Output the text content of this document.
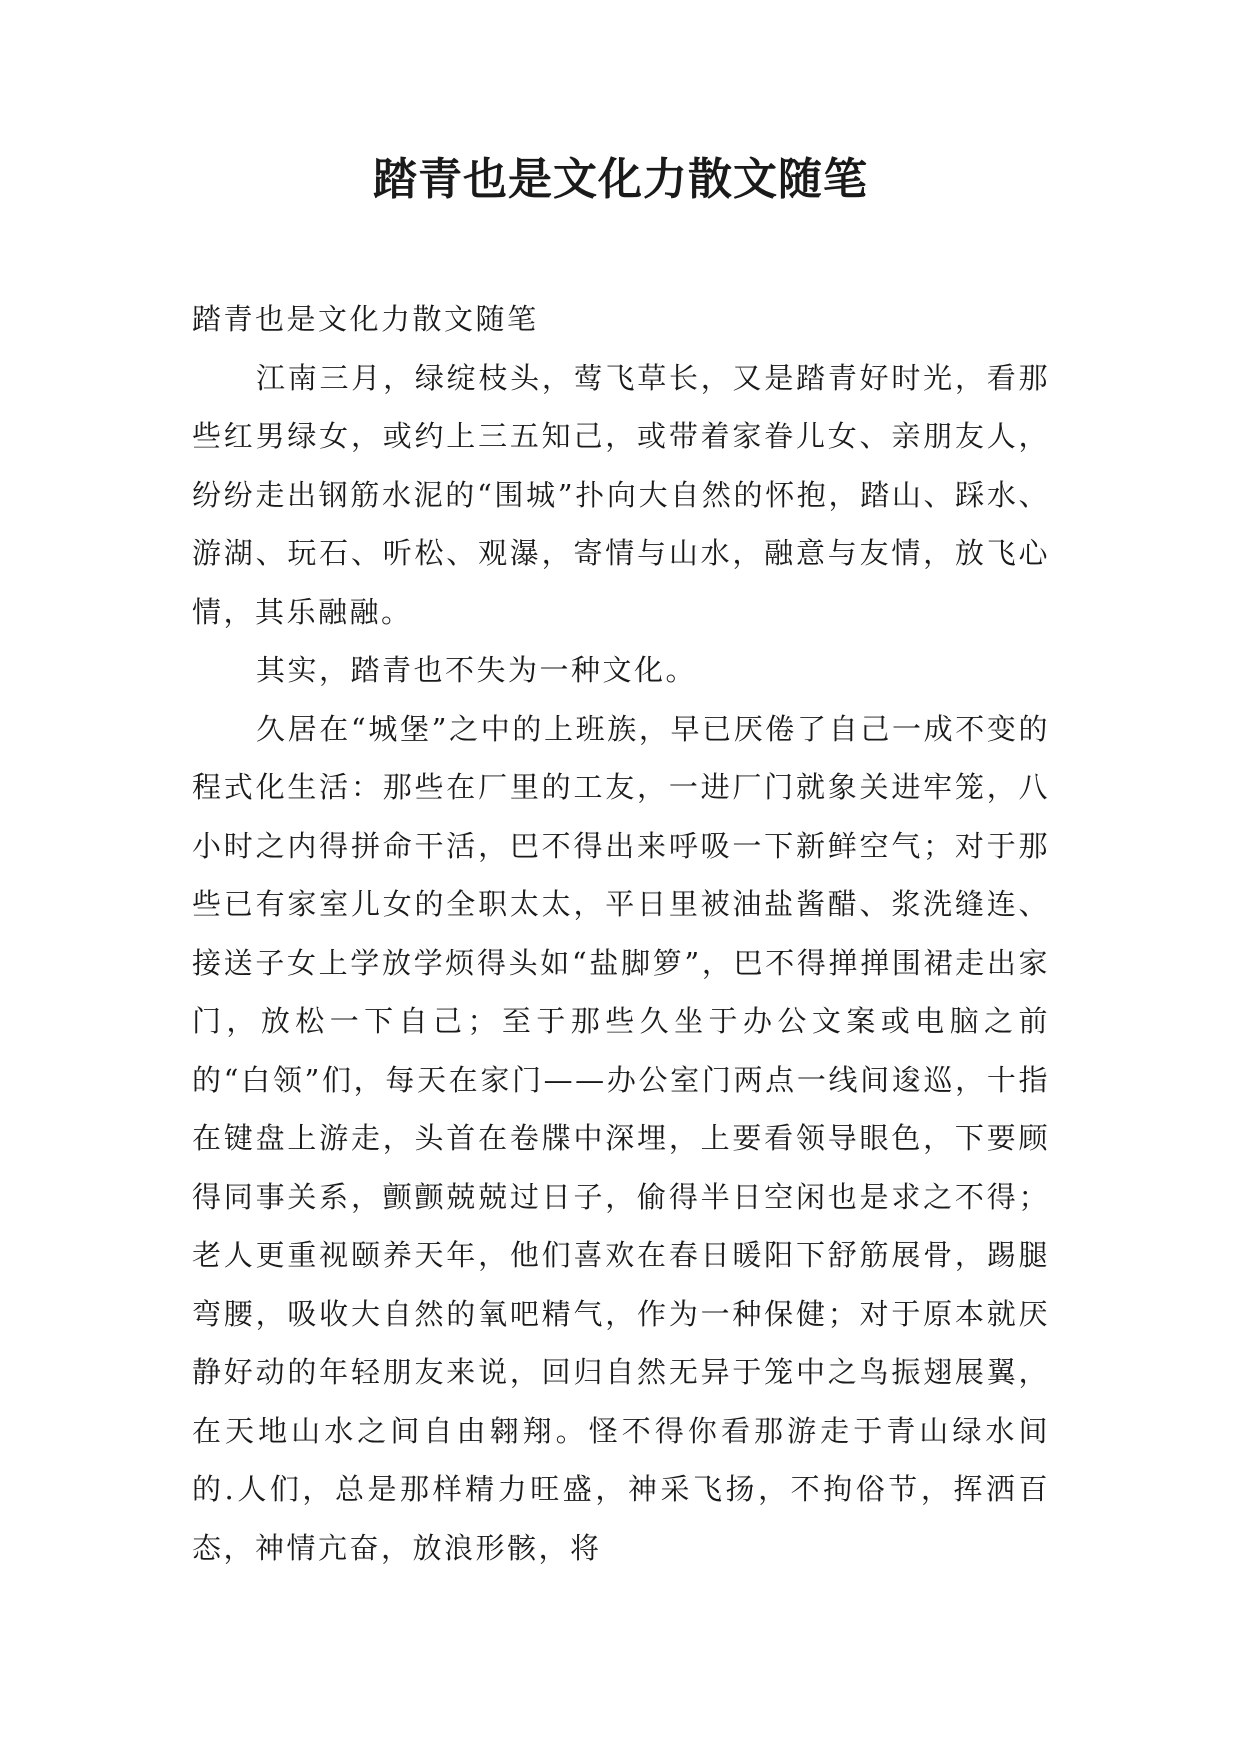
踏青也是文化力散文随笔

踏青也是文化力散文随笔

江南三月，绿绽枝头，莺飞草长，又是踏青好时光，看那些红男绿女，或约上三五知己，或带着家眷儿女、亲朋友人，纷纷走出钢筋水泥的“围城”扑向大自然的怀抱，踏山、踩水、游湖、玩石、听松、观瀑，寄情与山水，融意与友情，放飞心情，其乐融融。

其实，踏青也不失为一种文化。

久居在“城堡”之中的上班族，早已厌倦了自己一成不变的程式化生活：那些在厂里的工友，一进厂门就象关进牢笼，八小时之内得拼命干活，巴不得出来呼吸一下新鲜空气；对于那些已有家室儿女的全职太太，平日里被油盐酱醋、浆洗缝连、接送子女上学放学烦得头如“盐脚箩”，巴不得掸掸围裙走出家门，放松一下自己；至于那些久坐于办公文案或电脑之前的“白领”们，每天在家门——办公室门两点一线间逡巡，十指在键盘上游走，头首在卷牒中深埋，上要看领导眼色，下要顾得同事关系，颤颤兢兢过日子，偷得半日空闲也是求之不得；老人更重视颐养天年，他们喜欢在春日暖阳下舒筋展骨，踢腿弯腰，吸收大自然的氧吧精气，作为一种保健；对于原本就厌静好动的年轻朋友来说，回归自然无异于笼中之鸟振翅展翼，在天地山水之间自由翱翔。怪不得你看那游走于青山绿水间的.人们，总是那样精力旺盛，神采飞扬，不拘俗节，挥洒百态，神情亢奋，放浪形骸，将
